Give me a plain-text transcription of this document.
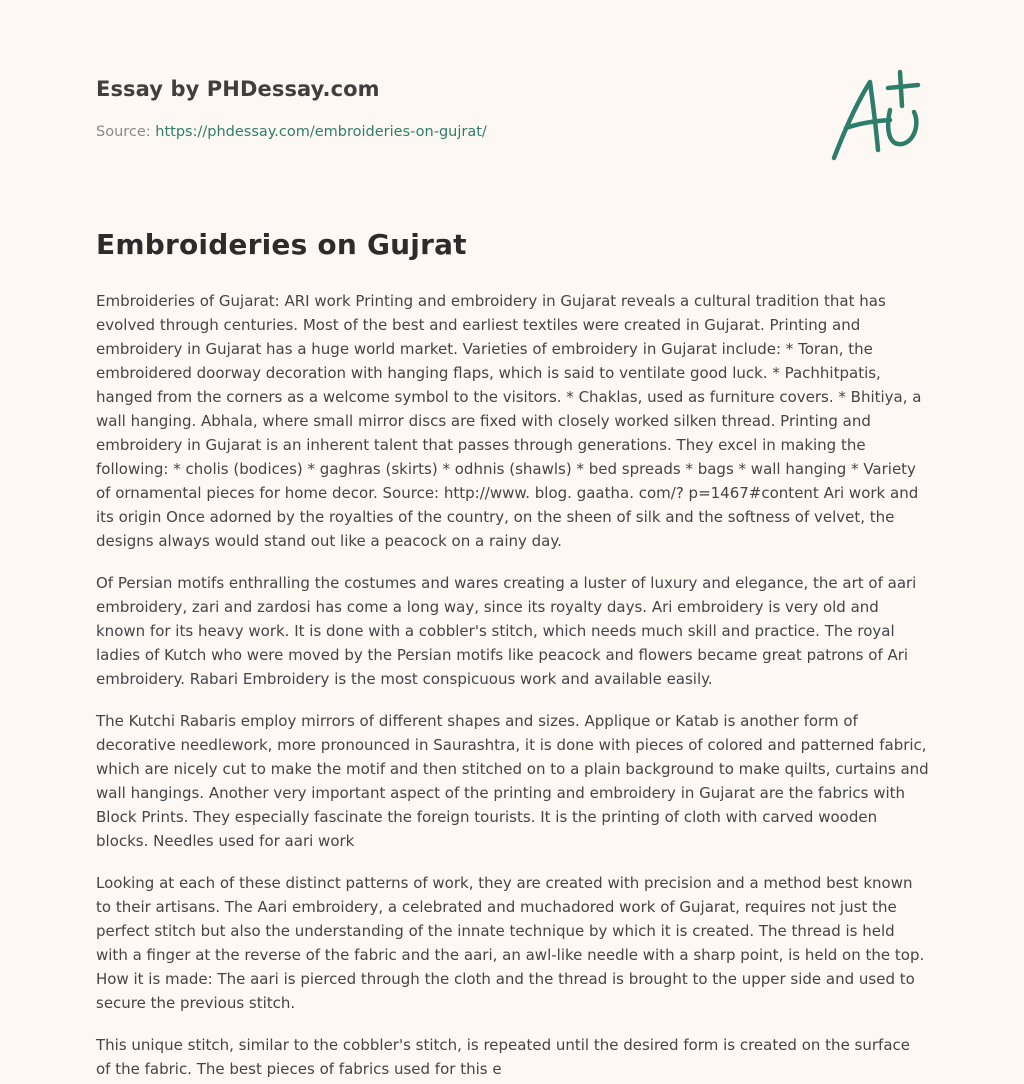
Essay by PHDessay.com
Source: https://phdessay.com/embroideries-on-gujrat/
Embroideries on Gujrat

Embroideries of Gujarat: ARI work Printing and embroidery in Gujarat reveals a cultural tradition that has evolved through centuries. Most of the best and earliest textiles were created in Gujarat. Printing and embroidery in Gujarat has a huge world market. Varieties of embroidery in Gujarat include: * Toran, the embroidered doorway decoration with hanging flaps, which is said to ventilate good luck. * Pachhitpatis, hanged from the corners as a welcome symbol to the visitors. * Chaklas, used as furniture covers. * Bhitiya, a wall hanging. Abhala, where small mirror discs are fixed with closely worked silken thread. Printing and embroidery in Gujarat is an inherent talent that passes through generations. They excel in making the following: * cholis (bodices) * gaghras (skirts) * odhnis (shawls) * bed spreads * bags * wall hanging * Variety of ornamental pieces for home decor. Source: http://www. blog. gaatha. com/? p=1467#content Ari work and its origin Once adorned by the royalties of the country, on the sheen of silk and the softness of velvet, the designs always would stand out like a peacock on a rainy day.

Of Persian motifs enthralling the costumes and wares creating a luster of luxury and elegance, the art of aari embroidery, zari and zardosi has come a long way, since its royalty days. Ari embroidery is very old and known for its heavy work. It is done with a cobbler's stitch, which needs much skill and practice. The royal ladies of Kutch who were moved by the Persian motifs like peacock and flowers became great patrons of Ari embroidery. Rabari Embroidery is the most conspicuous work and available easily.

The Kutchi Rabaris employ mirrors of different shapes and sizes. Applique or Katab is another form of decorative needlework, more pronounced in Saurashtra, it is done with pieces of colored and patterned fabric, which are nicely cut to make the motif and then stitched on to a plain background to make quilts, curtains and wall hangings. Another very important aspect of the printing and embroidery in Gujarat are the fabrics with Block Prints. They especially fascinate the foreign tourists. It is the printing of cloth with carved wooden blocks. Needles used for aari work

Looking at each of these distinct patterns of work, they are created with precision and a method best known to their artisans. The Aari embroidery, a celebrated and muchadored work of Gujarat, requires not just the perfect stitch but also the understanding of the innate technique by which it is created. The thread is held with a finger at the reverse of the fabric and the aari, an awl-like needle with a sharp point, is held on the top. How it is made: The aari is pierced through the cloth and the thread is brought to the upper side and used to secure the previous stitch.

This unique stitch, similar to the cobbler's stitch, is repeated until the desired form is created on the surface of the fabric. The best pieces of fabrics used for this e
